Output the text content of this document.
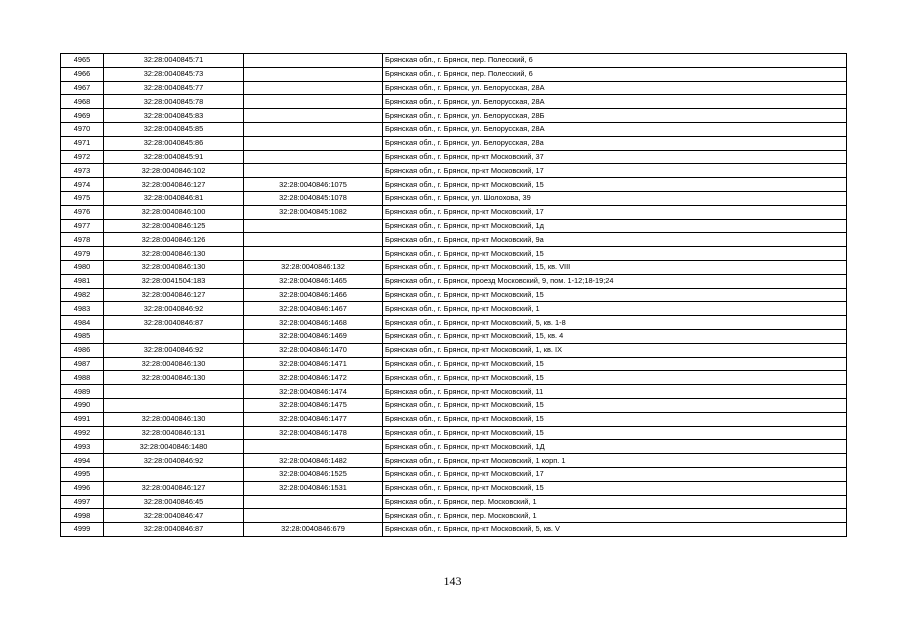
4965	32:28:0040845:71		Брянская обл., г. Брянск, пер. Полесский, 6
4966	32:28:0040845:73		Брянская обл., г. Брянск, пер. Полесский, 6
4967	32:28:0040845:77		Брянская обл., г. Брянск, ул. Белорусская, 28А
4968	32:28:0040845:78		Брянская обл., г. Брянск, ул. Белорусская, 28А
4969	32:28:0040845:83		Брянская обл., г. Брянск, ул. Белорусская, 28Б
4970	32:28:0040845:85		Брянская обл., г. Брянск, ул. Белорусская, 28А
4971	32:28:0040845:86		Брянская обл., г. Брянск, ул. Белорусская, 28а
4972	32:28:0040845:91		Брянская обл., г. Брянск, пр-кт Московский, 37
4973	32:28:0040846:102		Брянская обл., г. Брянск, пр-кт Московский, 17
4974	32:28:0040846:127	32:28:0040846:1075	Брянская обл., г. Брянск, пр-кт Московский, 15
4975	32:28:0040846:81	32:28:0040845:1078	Брянская обл., г. Брянск, ул. Шолохова, 39
4976	32:28:0040846:100	32:28:0040845:1082	Брянская обл., г. Брянск, пр-кт Московский, 17
4977	32:28:0040846:125		Брянская обл., г. Брянск, пр-кт Московский, 1д
4978	32:28:0040846:126		Брянская обл., г. Брянск, пр-кт Московский, 9а
4979	32:28:0040846:130		Брянская обл., г. Брянск, пр-кт Московский, 15
4980	32:28:0040846:130	32:28:0040846:132	Брянская обл., г. Брянск, пр-кт Московский, 15, кв. VIII
4981	32:28:0041504:183	32:28:0040846:1465	Брянская обл., г. Брянск, проезд Московский, 9, пом. 1-12;18-19;24
4982	32:28:0040846:127	32:28:0040846:1466	Брянская обл., г. Брянск, пр-кт Московский, 15
4983	32:28:0040846:92	32:28:0040846:1467	Брянская обл., г. Брянск, пр-кт Московский, 1
4984	32:28:0040846:87	32:28:0040846:1468	Брянская обл., г. Брянск, пр-кт Московский, 5, кв. 1-8
4985		32:28:0040846:1469	Брянская обл., г. Брянск, пр-кт Московский, 15, кв. 4
4986	32:28:0040846:92	32:28:0040846:1470	Брянская обл., г. Брянск, пр-кт Московский, 1, кв. IX
4987	32:28:0040846:130	32:28:0040846:1471	Брянская обл., г. Брянск, пр-кт Московский, 15
4988	32:28:0040846:130	32:28:0040846:1472	Брянская обл., г. Брянск, пр-кт Московский, 15
4989		32:28:0040846:1474	Брянская обл., г. Брянск, пр-кт Московский, 11
4990		32:28:0040846:1475	Брянская обл., г. Брянск, пр-кт Московский, 15
4991	32:28:0040846:130	32:28:0040846:1477	Брянская обл., г. Брянск, пр-кт Московский, 15
4992	32:28:0040846:131	32:28:0040846:1478	Брянская обл., г. Брянск, пр-кт Московский, 15
4993	32:28:0040846:1480		Брянская обл., г. Брянск, пр-кт Московский, 1Д
4994	32:28:0040846:92	32:28:0040846:1482	Брянская обл., г. Брянск, пр-кт Московский, 1 корп. 1
4995		32:28:0040846:1525	Брянская обл., г. Брянск, пр-кт Московский, 17
4996	32:28:0040846:127	32:28:0040846:1531	Брянская обл., г. Брянск, пр-кт Московский, 15
4997	32:28:0040846:45		Брянская обл., г. Брянск, пер. Московский, 1
4998	32:28:0040846:47		Брянская обл., г. Брянск, пер. Московский, 1
4999	32:28:0040846:87	32:28:0040846:679	Брянская обл., г. Брянск, пр-кт Московский, 5, кв. V
143
